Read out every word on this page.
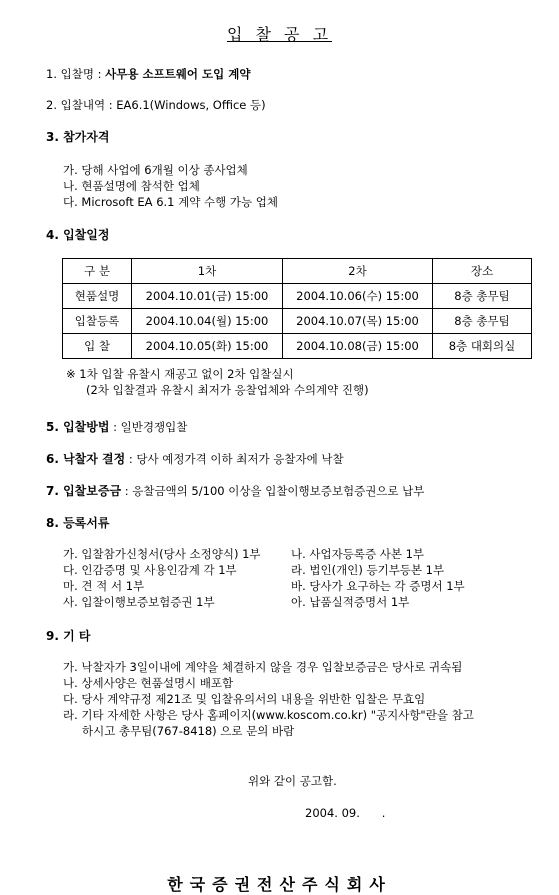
입 찰 공 고
1. 입찰명 : 사무용 소프트웨어 도입 계약
2. 입찰내역 : EA6.1(Windows, Office 등)
3. 참가자격
가. 당해 사업에 6개월 이상 종사업체
나. 현품설명에 참석한 업체
다. Microsoft EA 6.1 계약 수행 가능 업체
4. 입찰일정
구 분	1차	2차	장소
현품설명	2004.10.01(금) 15:00	2004.10.06(수) 15:00	8층 총무팀
입찰등록	2004.10.04(월) 15:00	2004.10.07(목) 15:00	8층 총무팀
입 찰	2004.10.05(화) 15:00	2004.10.08(금) 15:00	8층 대회의실
※ 1차 입찰 유찰시 재공고 없이 2차 입찰실시
(2차 입찰결과 유찰시 최저가 응찰업체와 수의계약 진행)
5. 입찰방법 : 일반경쟁입찰
6. 낙찰자 결정 : 당사 예정가격 이하 최저가 응찰자에 낙찰
7. 입찰보증금 : 응찰금액의 5/100 이상을 입찰이행보증보험증권으로 납부
8. 등록서류
가. 입찰참가신청서(당사 소정양식) 1부
다. 인감증명 및 사용인감계 각 1부
마. 견 적 서 1부
사. 입찰이행보증보험증권 1부
나. 사업자등록증 사본 1부
라. 법인(개인) 등기부등본 1부
바. 당사가 요구하는 각 증명서 1부
아. 납품실적증명서 1부
9. 기 타
가. 낙찰자가 3일이내에 계약을 체결하지 않을 경우 입찰보증금은 당사로 귀속됨
나. 상세사양은 현품설명시 배포함
다. 당사 계약규정 제21조 및 입찰유의서의 내용을 위반한 입찰은 무효임
라. 기타 자세한 사항은 당사 홈페이지(www.koscom.co.kr) "공지사항"란을 참고
하시고 총무팀(767-8418) 으로 문의 바람
위와 같이 공고함.
2004. 09.      .
한국증권전산주식회사
